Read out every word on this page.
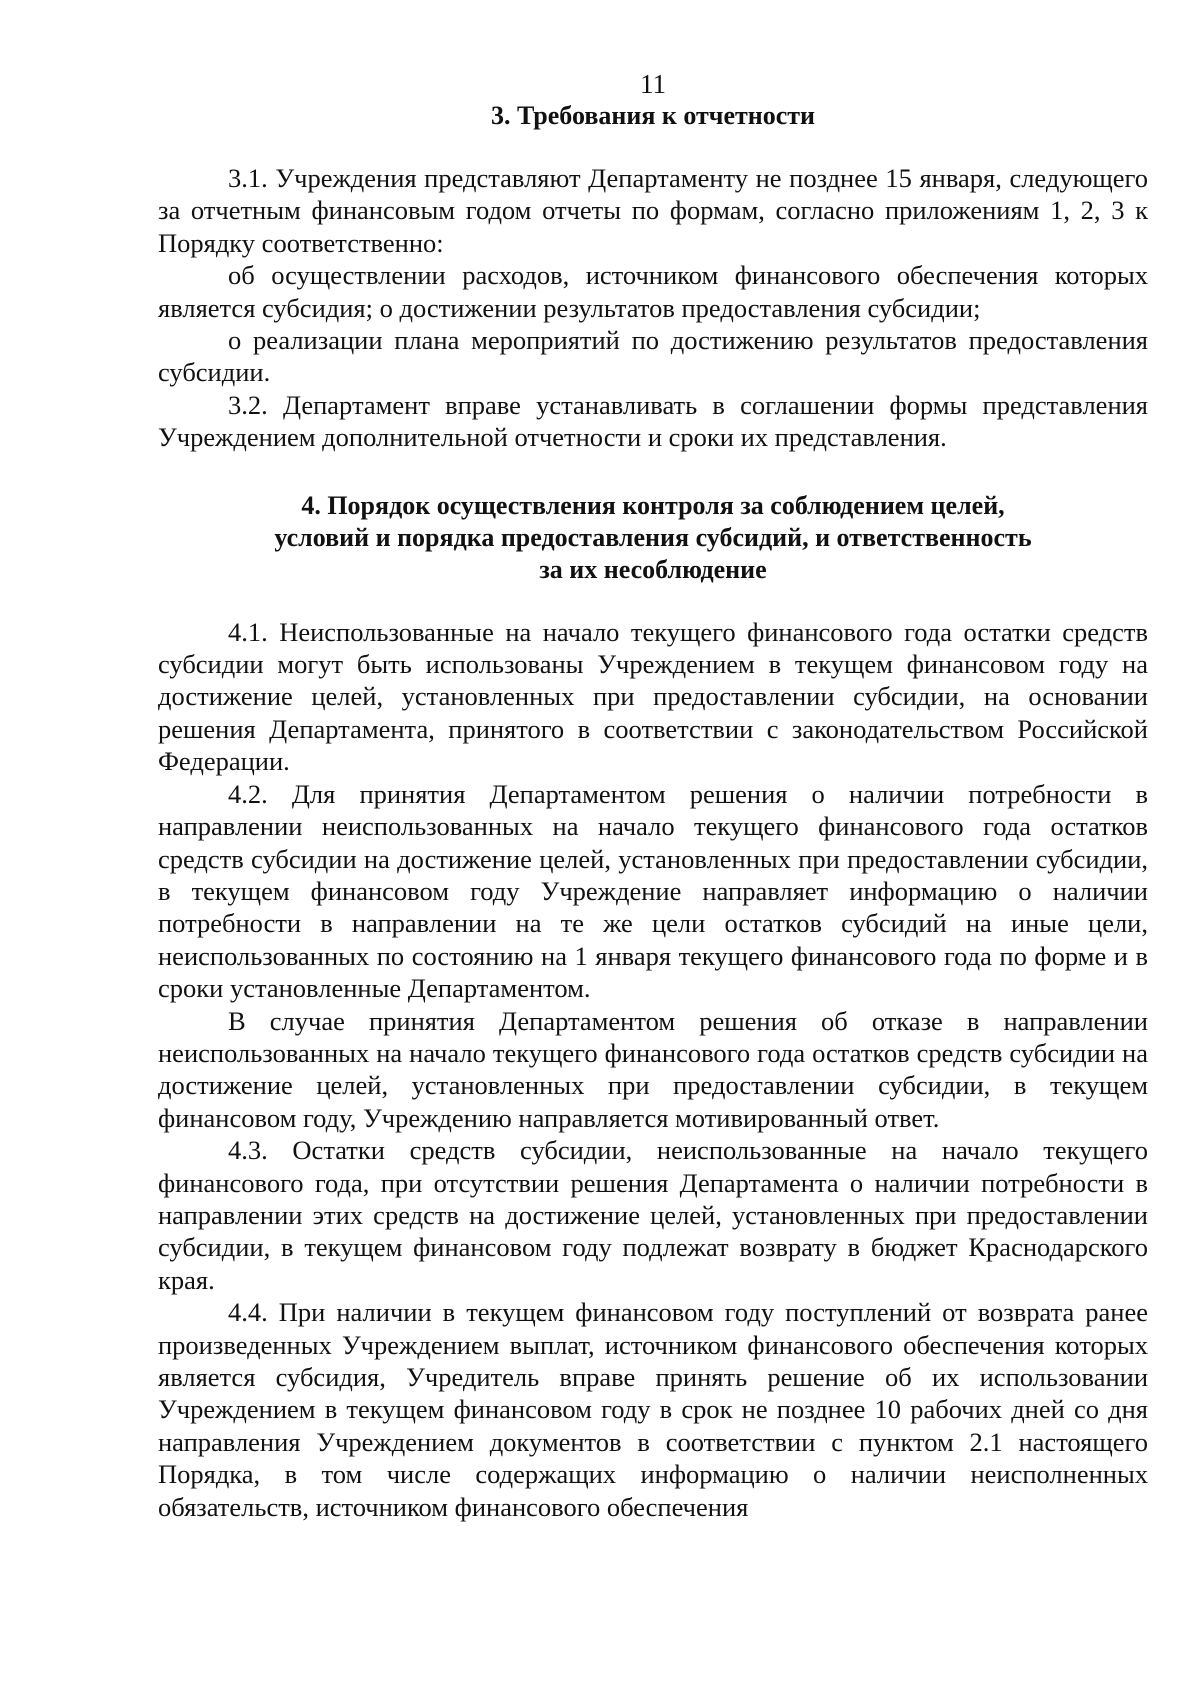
11

3. Требования к отчетности

3.1. Учреждения представляют Департаменту не позднее 15 января, следующего за отчетным финансовым годом отчеты по формам, согласно приложениям 1, 2, 3 к Порядку соответственно:

об осуществлении расходов, источником финансового обеспечения которых является субсидия; о достижении результатов предоставления субсидии;

о реализации плана мероприятий по достижению результатов предоставления субсидии.

3.2. Департамент вправе устанавливать в соглашении формы представления Учреждением дополнительной отчетности и сроки их представления.

4. Порядок осуществления контроля за соблюдением целей,
условий и порядка предоставления субсидий, и ответственность
за их несоблюдение

4.1. Неиспользованные на начало текущего финансового года остатки средств субсидии могут быть использованы Учреждением в текущем финансовом году на достижение целей, установленных при предоставлении субсидии, на основании решения Департамента, принятого в соответствии с законодательством Российской Федерации.

4.2. Для принятия Департаментом решения о наличии потребности в направлении неиспользованных на начало текущего финансового года остатков средств субсидии на достижение целей, установленных при предоставлении субсидии, в текущем финансовом году Учреждение направляет информацию о наличии потребности в направлении на те же цели остатков субсидий на иные цели, неиспользованных по состоянию на 1 января текущего финансового года по форме и в сроки установленные Департаментом.

В случае принятия Департаментом решения об отказе в направлении неиспользованных на начало текущего финансового года остатков средств субсидии на достижение целей, установленных при предоставлении субсидии, в текущем финансовом году, Учреждению направляется мотивированный ответ.

4.3. Остатки средств субсидии, неиспользованные на начало текущего финансового года, при отсутствии решения Департамента о наличии потребности в направлении этих средств на достижение целей, установленных при предоставлении субсидии, в текущем финансовом году подлежат возврату в бюджет Краснодарского края.

4.4. При наличии в текущем финансовом году поступлений от возврата ранее произведенных Учреждением выплат, источником финансового обеспечения которых является субсидия, Учредитель вправе принять решение об их использовании Учреждением в текущем финансовом году в срок не позднее 10 рабочих дней со дня направления Учреждением документов в соответствии с пунктом 2.1 настоящего Порядка, в том числе содержащих информацию о наличии неисполненных обязательств, источником финансового обеспечения
